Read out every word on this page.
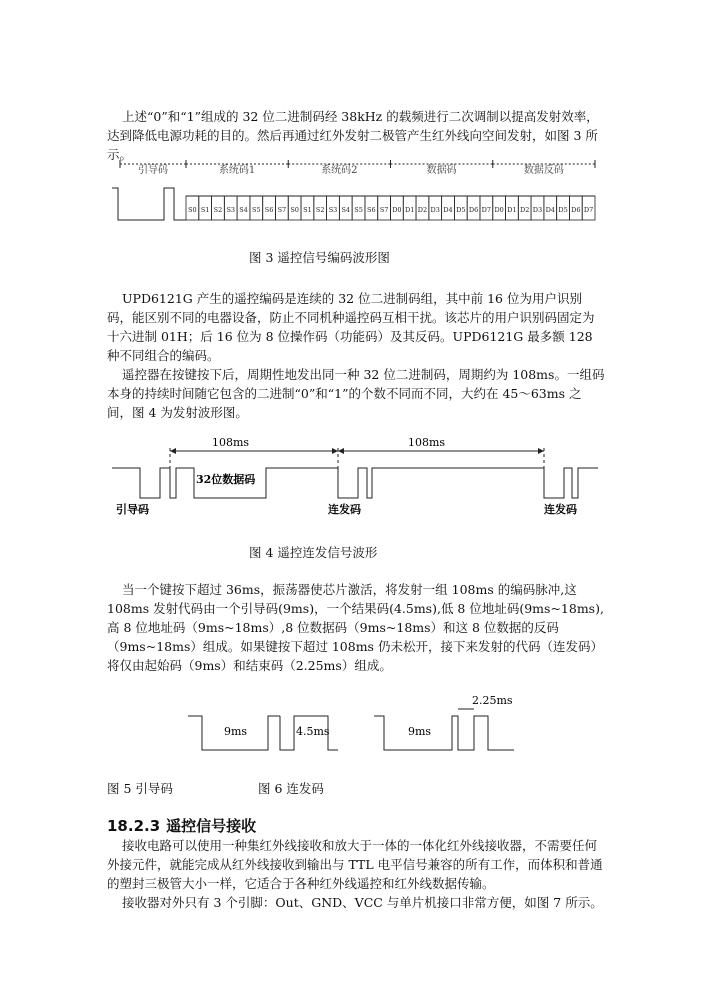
上述“0”和“1”组成的 32 位二进制码经 38kHz 的载频进行二次调制以提高发射效率，达到降低电源功耗的目的。然后再通过红外发射二极管产生红外线向空间发射，如图 3 所示。

引导码	系统码1	系统码2	数据码	数据反码
S0 S1 S2 S3 S4 S5 S6 S7 S0 S1 S2 S3 S4 S5 S6 S7 D0 D1 D2 D3 D4 D5 D6 D7 D0 D1 D2 D3 D4 D5 D6 D7

图 3 遥控信号编码波形图

UPD6121G 产生的遥控编码是连续的 32 位二进制码组，其中前 16 位为用户识别码，能区别不同的电器设备，防止不同机种遥控码互相干扰。该芯片的用户识别码固定为十六进制 01H；后 16 位为 8 位操作码（功能码）及其反码。UPD6121G 最多额 128 种不同组合的编码。

遥控器在按键按下后，周期性地发出同一种 32 位二进制码，周期约为 108ms。一组码本身的持续时间随它包含的二进制“0”和“1”的个数不同而不同，大约在 45～63ms 之间，图 4 为发射波形图。

108ms	108ms
32位数据码
引导码	连发码	连发码

图 4 遥控连发信号波形

当一个键按下超过 36ms，振荡器使芯片激活，将发射一组 108ms 的编码脉冲,这 108ms 发射代码由一个引导码(9ms)，一个结果码(4.5ms),低 8 位地址码(9ms~18ms),高 8 位地址码（9ms~18ms）,8 位数据码（9ms~18ms）和这 8 位数据的反码（9ms~18ms）组成。如果键按下超过 108ms 仍未松开，接下来发射的代码（连发码）将仅由起始码（9ms）和结束码（2.25ms）组成。

9ms	4.5ms	9ms
2.25ms

图 5 引导码	图 6 连发码

18.2.3 遥控信号接收

接收电路可以使用一种集红外线接收和放大于一体的一体化红外线接收器，不需要任何外接元件，就能完成从红外线接收到输出与 TTL 电平信号兼容的所有工作，而体积和普通的塑封三极管大小一样，它适合于各种红外线遥控和红外线数据传输。

接收器对外只有 3 个引脚：Out、GND、VCC 与单片机接口非常方便，如图 7 所示。
